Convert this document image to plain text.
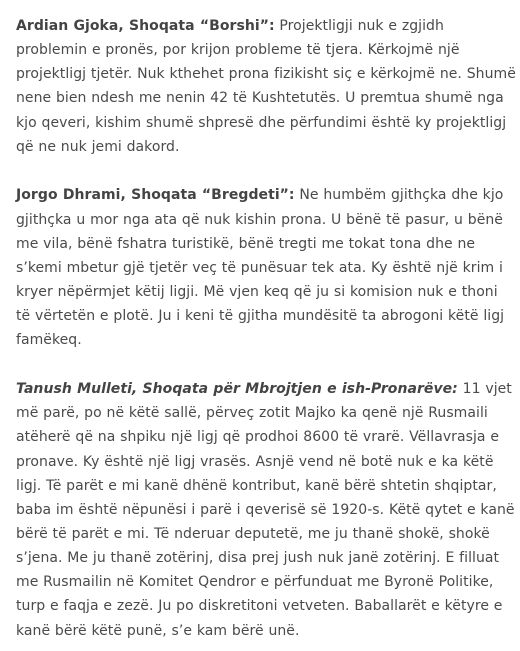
Ardian Gjoka, Shoqata “Borshi”: Projektligji nuk e zgjidh problemin e pronës, por krijon probleme të tjera. Kërkojmë një projektligj tjetër. Nuk kthehet prona fizikisht siç e kërkojmë ne. Shumë nene bien ndesh me nenin 42 të Kushtetutës. U premtua shumë nga kjo qeveri, kishim shumë shpresë dhe përfundimi është ky projektligj që ne nuk jemi dakord.

Jorgo Dhrami, Shoqata “Bregdeti”: Ne humbëm gjithçka dhe kjo gjithçka u mor nga ata që nuk kishin prona. U bënë të pasur, u bënë me vila, bënë fshatra turistikë, bënë tregti me tokat tona dhe ne s’kemi mbetur gjë tjetër veç të punësuar tek ata. Ky është një krim i kryer nëpërmjet këtij ligji. Më vjen keq që ju si komision nuk e thoni të vërtetën e plotë. Ju i keni të gjitha mundësitë ta abrogoni këtë ligj famëkeq.

Tanush Mulleti, Shoqata për Mbrojtjen e ish-Pronarëve: 11 vjet më parë, po në këtë sallë, përveç zotit Majko ka qenë një Rusmaili atëherë që na shpiku një ligj që prodhoi 8600 të vrarë. Vëllavrasja e pronave. Ky është një ligj vrasës. Asnjë vend në botë nuk e ka këtë ligj. Të parët e mi kanë dhënë kontribut, kanë bërë shtetin shqiptar, baba im është nëpunësi i parë i qeverisë së 1920-s. Këtë qytet e kanë bërë të parët e mi. Të nderuar deputetë, me ju thanë shokë, shokë s’jena. Me ju thanë zotërinj, disa prej jush nuk janë zotërinj. E filluat me Rusmailin në Komitet Qendror e përfunduat me Byronë Politike, turp e faqja e zezë. Ju po diskretitoni vetveten. Baballarët e këtyre e kanë bërë këtë punë, s’e kam bërë unë.
